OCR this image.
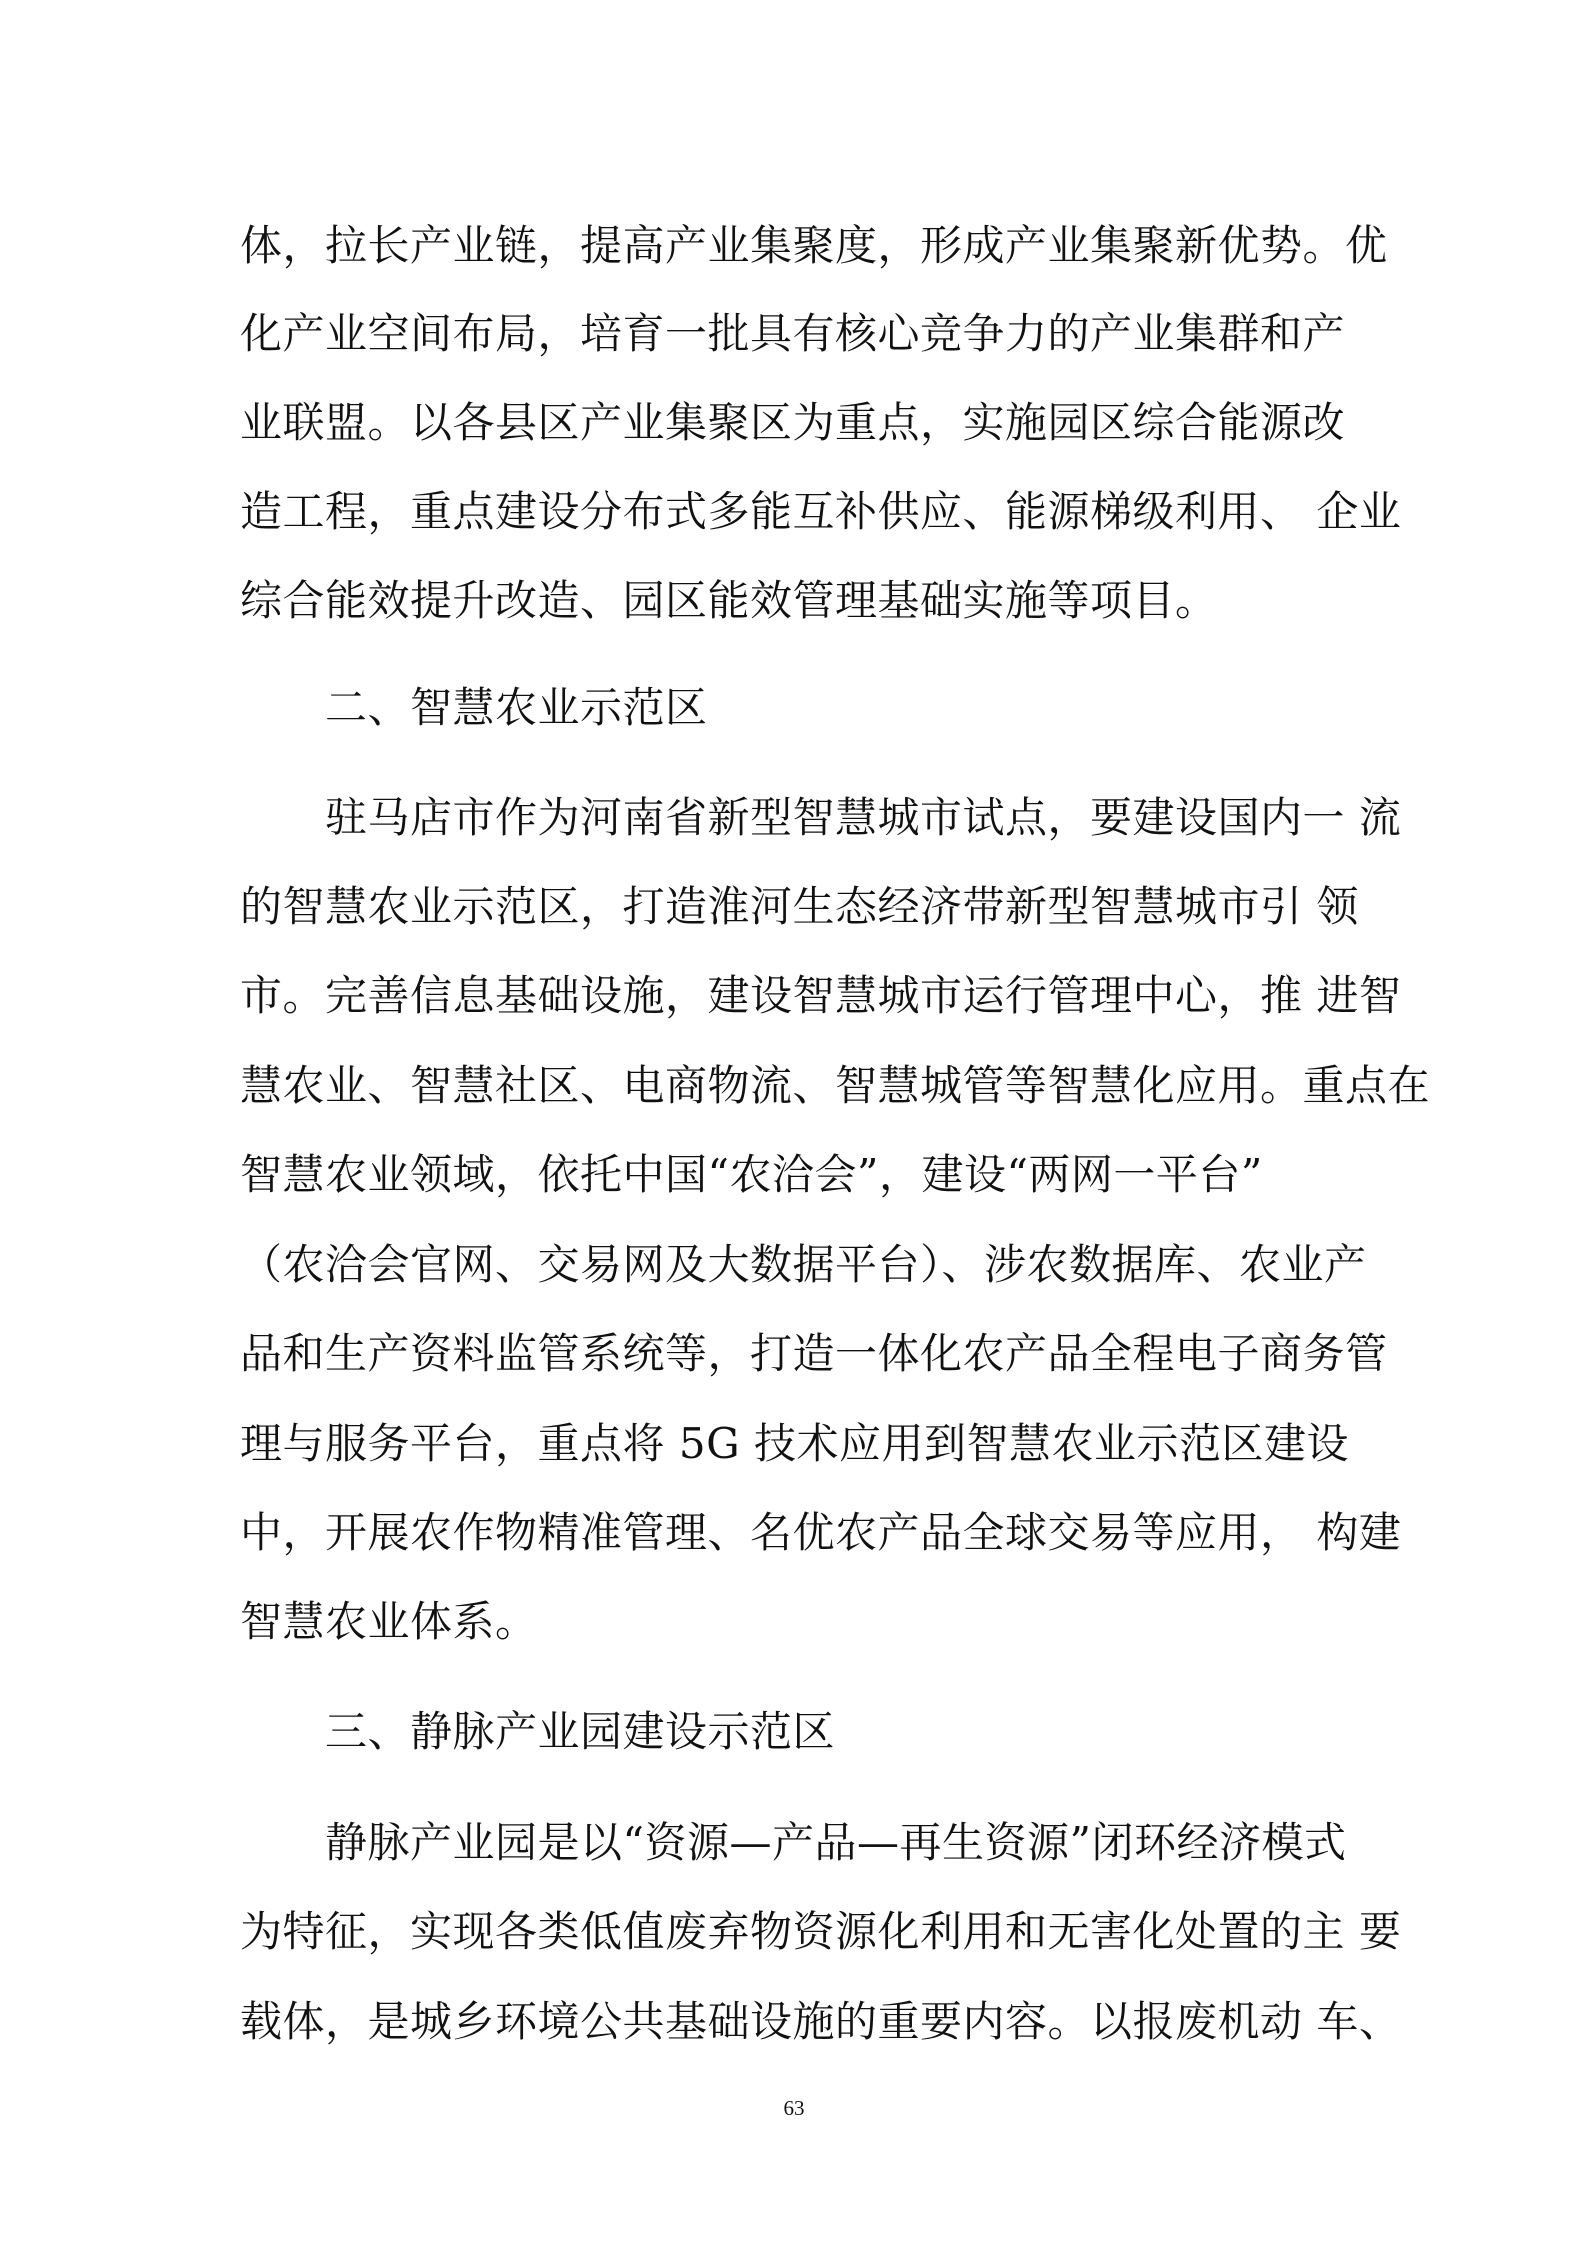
体，拉长产业链，提高产业集聚度，形成产业集聚新优势。优
化产业空间布局，培育一批具有核心竞争力的产业集群和产
业联盟。以各县区产业集聚区为重点，实施园区综合能源改
造工程，重点建设分布式多能互补供应、能源梯级利用、 企业
综合能效提升改造、园区能效管理基础实施等项目。
二、智慧农业示范区
驻马店市作为河南省新型智慧城市试点，要建设国内一 流
的智慧农业示范区，打造淮河生态经济带新型智慧城市引 领
市。完善信息基础设施，建设智慧城市运行管理中心，推 进智
慧农业、智慧社区、电商物流、智慧城管等智慧化应用。重点在
智慧农业领域，依托中国“农洽会”，建设“两网一平台”
（农洽会官网、交易网及大数据平台）、涉农数据库、农业产
品和生产资料监管系统等，打造一体化农产品全程电子商务管
理与服务平台，重点将 5G 技术应用到智慧农业示范区建设
中，开展农作物精准管理、名优农产品全球交易等应用， 构建
智慧农业体系。
三、静脉产业园建设示范区
静脉产业园是以“资源—产品—再生资源”闭环经济模式
为特征，实现各类低值废弃物资源化利用和无害化处置的主 要
载体，是城乡环境公共基础设施的重要内容。以报废机动 车、
63
